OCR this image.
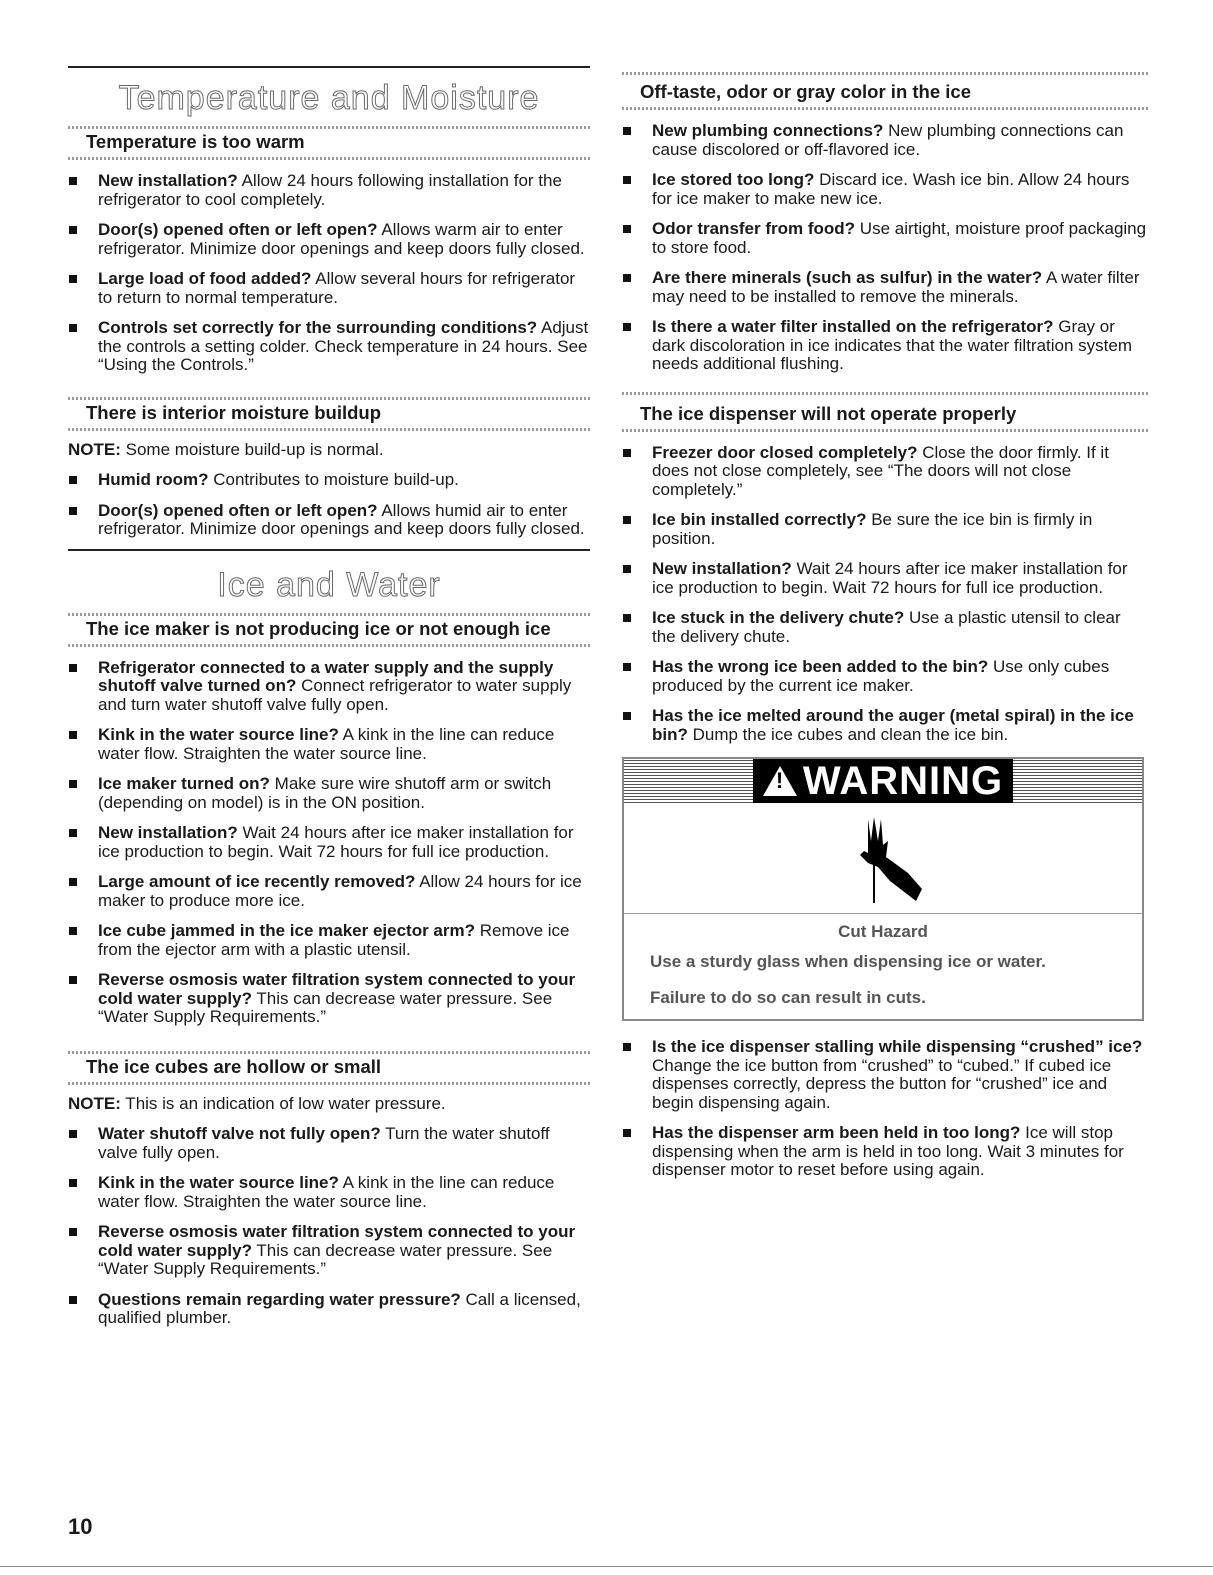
Temperature and Moisture
Temperature is too warm
New installation? Allow 24 hours following installation for the refrigerator to cool completely.
Door(s) opened often or left open? Allows warm air to enter refrigerator. Minimize door openings and keep doors fully closed.
Large load of food added? Allow several hours for refrigerator to return to normal temperature.
Controls set correctly for the surrounding conditions? Adjust the controls a setting colder. Check temperature in 24 hours. See “Using the Controls.”
There is interior moisture buildup
NOTE: Some moisture build-up is normal.
Humid room? Contributes to moisture build-up.
Door(s) opened often or left open? Allows humid air to enter refrigerator. Minimize door openings and keep doors fully closed.
Ice and Water
The ice maker is not producing ice or not enough ice
Refrigerator connected to a water supply and the supply shutoff valve turned on? Connect refrigerator to water supply and turn water shutoff valve fully open.
Kink in the water source line? A kink in the line can reduce water flow. Straighten the water source line.
Ice maker turned on? Make sure wire shutoff arm or switch (depending on model) is in the ON position.
New installation? Wait 24 hours after ice maker installation for ice production to begin. Wait 72 hours for full ice production.
Large amount of ice recently removed? Allow 24 hours for ice maker to produce more ice.
Ice cube jammed in the ice maker ejector arm? Remove ice from the ejector arm with a plastic utensil.
Reverse osmosis water filtration system connected to your cold water supply? This can decrease water pressure. See “Water Supply Requirements.”
The ice cubes are hollow or small
NOTE: This is an indication of low water pressure.
Water shutoff valve not fully open? Turn the water shutoff valve fully open.
Kink in the water source line? A kink in the line can reduce water flow. Straighten the water source line.
Reverse osmosis water filtration system connected to your cold water supply? This can decrease water pressure. See “Water Supply Requirements.”
Questions remain regarding water pressure? Call a licensed, qualified plumber.
Off-taste, odor or gray color in the ice
New plumbing connections? New plumbing connections can cause discolored or off-flavored ice.
Ice stored too long? Discard ice. Wash ice bin. Allow 24 hours for ice maker to make new ice.
Odor transfer from food? Use airtight, moisture proof packaging to store food.
Are there minerals (such as sulfur) in the water? A water filter may need to be installed to remove the minerals.
Is there a water filter installed on the refrigerator? Gray or dark discoloration in ice indicates that the water filtration system needs additional flushing.
The ice dispenser will not operate properly
Freezer door closed completely? Close the door firmly. If it does not close completely, see “The doors will not close completely.”
Ice bin installed correctly? Be sure the ice bin is firmly in position.
New installation? Wait 24 hours after ice maker installation for ice production to begin. Wait 72 hours for full ice production.
Ice stuck in the delivery chute? Use a plastic utensil to clear the delivery chute.
Has the wrong ice been added to the bin? Use only cubes produced by the current ice maker.
Has the ice melted around the auger (metal spiral) in the ice bin? Dump the ice cubes and clean the ice bin.
!
WARNING
Cut Hazard

Use a sturdy glass when dispensing ice or water.

Failure to do so can result in cuts.

Is the ice dispenser stalling while dispensing “crushed” ice? Change the ice button from “crushed” to “cubed.” If cubed ice dispenses correctly, depress the button for “crushed” ice and begin dispensing again.
Has the dispenser arm been held in too long? Ice will stop dispensing when the arm is held in too long. Wait 3 minutes for dispenser motor to reset before using again.
10
